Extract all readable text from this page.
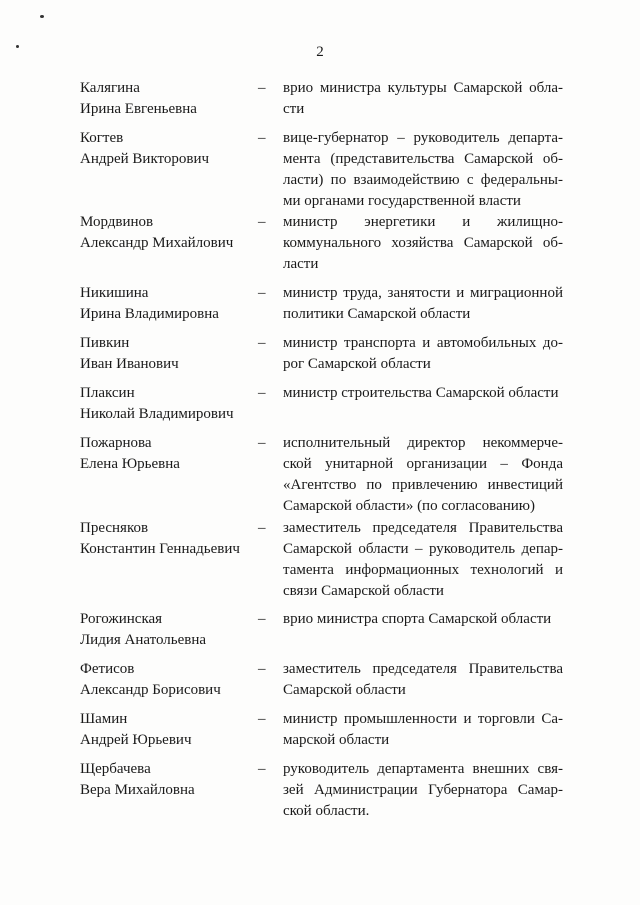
2
Калягина
Ирина Евгеньевна
– врио министра культуры Самарской обла-
сти
Когтев
Андрей Викторович
– вице-губернатор – руководитель департа-
мента (представительства Самарской об-
ласти) по взаимодействию с федеральны-
ми органами государственной власти
Мордвинов
Александр Михайлович
– министр энергетики и жилищно-
коммунального хозяйства Самарской об-
ласти
Никишина
Ирина Владимировна
– министр труда, занятости и миграционной
политики Самарской области
Пивкин
Иван Иванович
– министр транспорта и автомобильных до-
рог Самарской области
Плаксин
Николай Владимирович
– министр строительства Самарской области
Пожарнова
Елена Юрьевна
– исполнительный директор некоммерче-
ской унитарной организации – Фонда
«Агентство по привлечению инвестиций
Самарской области» (по согласованию)
Пресняков
Константин Геннадьевич
– заместитель председателя Правительства
Самарской области – руководитель депар-
тамента информационных технологий и
связи Самарской области
Рогожинская
Лидия Анатольевна
– врио министра спорта Самарской области
Фетисов
Александр Борисович
– заместитель председателя Правительства
Самарской области
Шамин
Андрей Юрьевич
– министр промышленности и торговли Са-
марской области
Щербачева
Вера Михайловна
– руководитель департамента внешних свя-
зей Администрации Губернатора Самар-
ской области.
